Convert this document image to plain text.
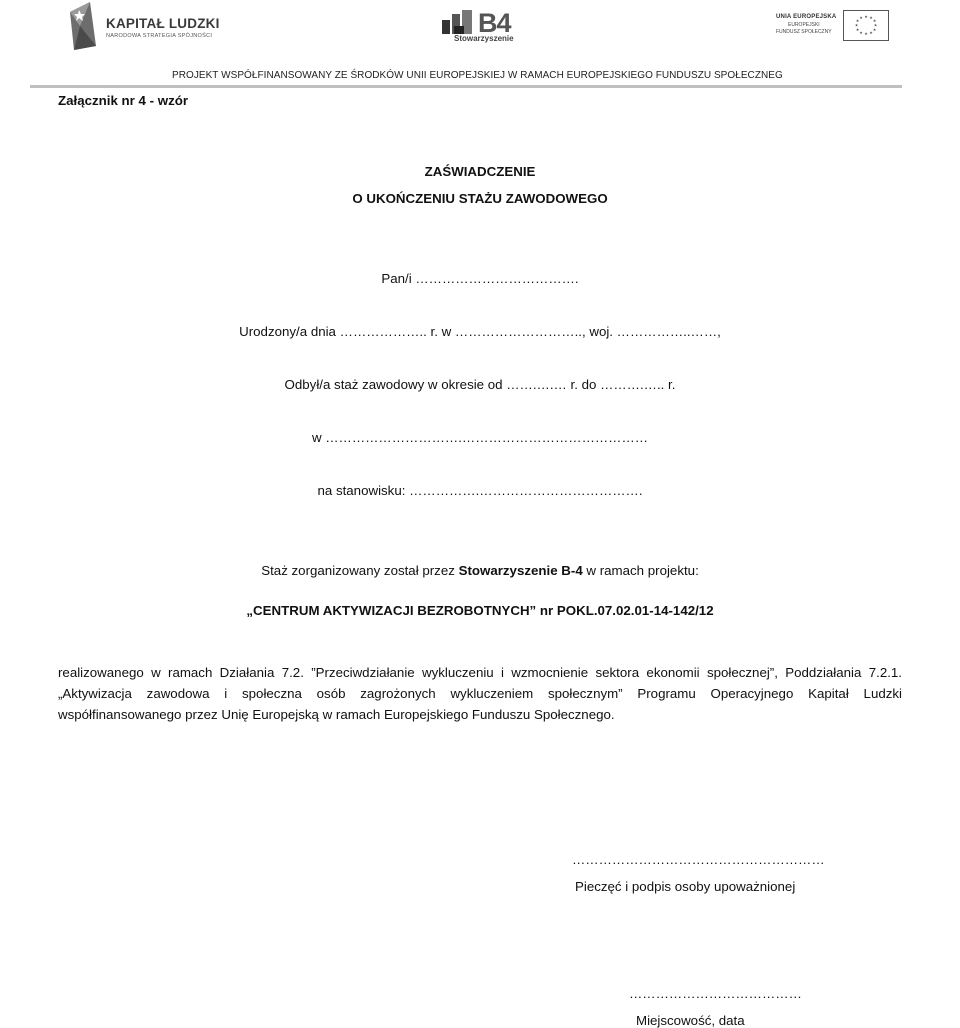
KAPITAŁ LUDZKI
NARODOWA STRATEGIA SPÓJNOŚCI	B4
Stowarzyszenie
UNIA EUROPEJSKA
EUROPEJSKI
FUNDUSZ SPOŁECZNY
★ ★
★
★
★
★
★
★
★
★
★
★
PROJEKT WSPÓŁFINANSOWANY ZE ŚRODKÓW UNII EUROPEJSKIEJ W RAMACH EUROPEJSKIEGO FUNDUSZU SPOŁECZNEG
Załącznik nr 4 - wzór
ZAŚWIADCZENIE
O UKOŃCZENIU STAŻU ZAWODOWEGO
Pan/i ……………………………….
Urodzony/a dnia ……………….. r. w ……………………….., woj. ……………..……,
Odbył/a staż zawodowy w okresie od …….….… r. do ……….….. r.
w ………………………….……………………………………
na stanowisku: …………….……………………………….
Staż zorganizowany został przez Stowarzyszenie B-4 w ramach projektu:
„CENTRUM AKTYWIZACJI BEZROBOTNYCH” nr POKL.07.02.01-14-142/12
realizowanego w ramach Działania 7.2. ”Przeciwdziałanie wykluczeniu i wzmocnienie sektora ekonomii społecznej”, Poddziałania 7.2.1. „Aktywizacja zawodowa i społeczna osób zagrożonych wykluczeniem społecznym” Programu Operacyjnego Kapitał Ludzki współfinansowanego przez Unię Europejską w ramach Europejskiego Funduszu Społecznego.
…………………………………………………
Pieczęć i podpis osoby upoważnionej
…………………………………
Miejscowość, data
